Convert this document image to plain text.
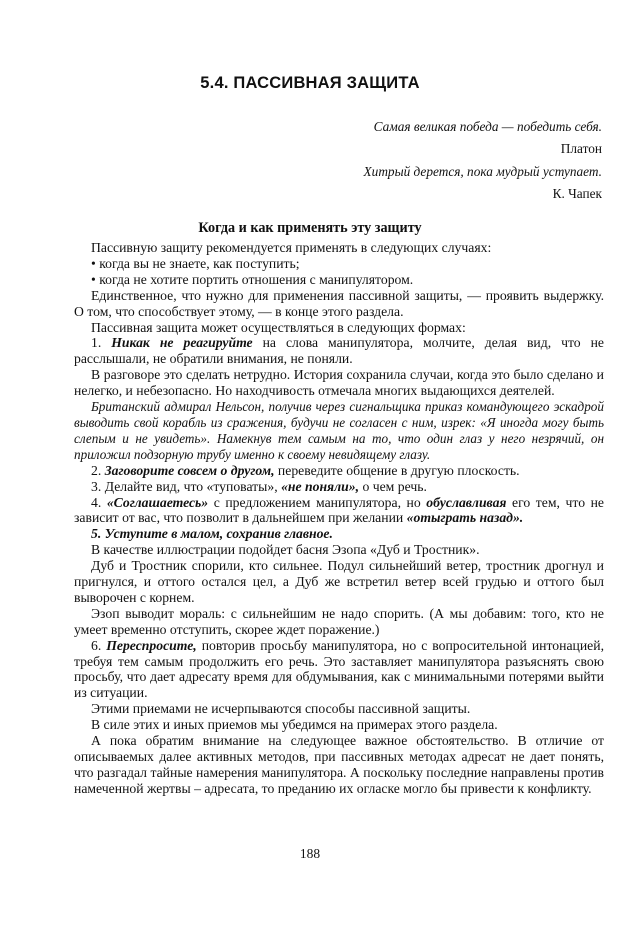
5.4. ПАССИВНАЯ ЗАЩИТА
Самая великая победа — победить себя.
Платон
Хитрый дерется, пока мудрый уступает.
К. Чапек
Когда и как применять эту защиту

Пассивную защиту рекомендуется применять в следующих случаях:

• когда вы не знаете, как поступить;

• когда не хотите портить отношения с манипулятором.

Единственное, что нужно для применения пассивной защиты, — проявить выдержку. О том, что способствует этому, — в конце этого раздела.

Пассивная защита может осуществляться в следующих формах:

1. Никак не реагируйте на слова манипулятора, молчите, делая вид, что не расслышали, не обратили внимания, не поняли.

В разговоре это сделать нетрудно. История сохранила случаи, когда это было сделано и нелегко, и небезопасно. Но находчивость отмечала многих выдающихся деятелей.

Британский адмирал Нельсон, получив через сигнальщика приказ командующего эскадрой выводить свой корабль из сражения, будучи не согласен с ним, изрек: «Я иногда могу быть слепым и не увидеть». Намекнув тем самым на то, что один глаз у него незрячий, он приложил подзорную трубу именно к своему невидящему глазу.

2. Заговорите совсем о другом, переведите общение в другую плоскость.

3. Делайте вид, что «туповаты», «не поняли», о чем речь.

4. «Соглашаетесь» с предложением манипулятора, но обуславливая его тем, что не зависит от вас, что позволит в дальнейшем при желании «отыграть назад».

5. Уступите в малом, сохранив главное.

В качестве иллюстрации подойдет басня Эзопа «Дуб и Тростник».

Дуб и Тростник спорили, кто сильнее. Подул сильнейший ветер, тростник дрогнул и пригнулся, и оттого остался цел, а Дуб же встретил ветер всей грудью и оттого был выворочен с корнем.

Эзоп выводит мораль: с сильнейшим не надо спорить. (А мы добавим: того, кто не умеет временно отступить, скорее ждет поражение.)

6. Переспросите, повторив просьбу манипулятора, но с вопросительной интонацией, требуя тем самым продолжить его речь. Это заставляет манипулятора разъяснять свою просьбу, что дает адресату время для обдумывания, как с минимальными потерями выйти из ситуации.

Этими приемами не исчерпываются способы пассивной защиты.

В силе этих и иных приемов мы убедимся на примерах этого раздела.

А пока обратим внимание на следующее важное обстоятельство. В отличие от описываемых далее активных методов, при пассивных методах адресат не дает понять, что разгадал тайные намерения манипулятора. А поскольку последние направлены против намеченной жертвы – адресата, то преданию их огласке могло бы привести к конфликту.

188
